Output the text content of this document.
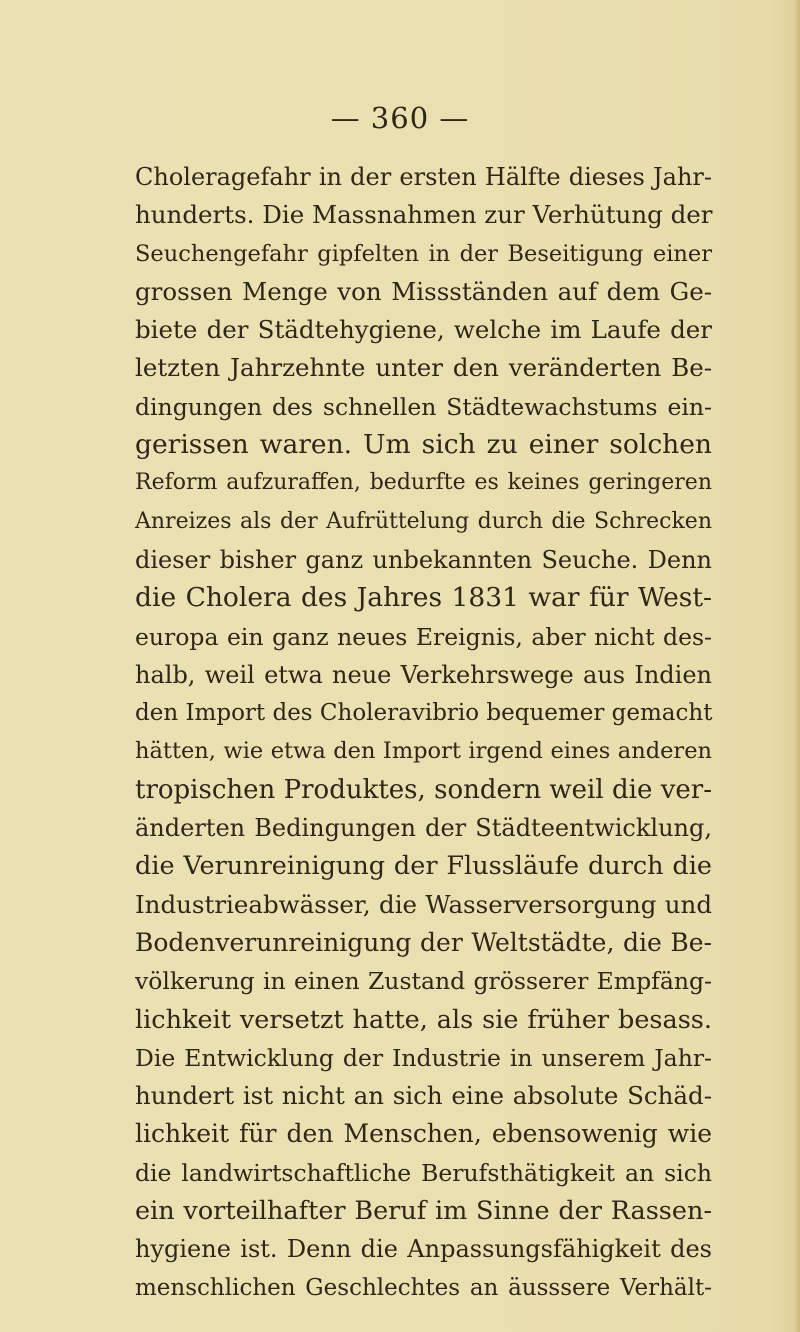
— 360 —
Choleragefahr in der ersten Hälfte dieses Jahr-
hunderts. Die Massnahmen zur Verhütung der
Seuchengefahr gipfelten in der Beseitigung einer
grossen Menge von Missständen auf dem Ge-
biete der Städtehygiene, welche im Laufe der
letzten Jahrzehnte unter den veränderten Be-
dingungen des schnellen Städtewachstums ein-
gerissen waren. Um sich zu einer solchen
Reform aufzuraffen, bedurfte es keines geringeren
Anreizes als der Aufrüttelung durch die Schrecken
dieser bisher ganz unbekannten Seuche. Denn
die Cholera des Jahres 1831 war für West-
europa ein ganz neues Ereignis, aber nicht des-
halb, weil etwa neue Verkehrswege aus Indien
den Import des Choleravibrio bequemer gemacht
hätten, wie etwa den Import irgend eines anderen
tropischen Produktes, sondern weil die ver-
änderten Bedingungen der Städteentwicklung,
die Verunreinigung der Flussläufe durch die
Industrieabwässer, die Wasserversorgung und
Bodenverunreinigung der Weltstädte, die Be-
völkerung in einen Zustand grösserer Empfäng-
lichkeit versetzt hatte, als sie früher besass.
Die Entwicklung der Industrie in unserem Jahr-
hundert ist nicht an sich eine absolute Schäd-
lichkeit für den Menschen, ebensowenig wie
die landwirtschaftliche Berufsthätigkeit an sich
ein vorteilhafter Beruf im Sinne der Rassen-
hygiene ist. Denn die Anpassungsfähigkeit des
menschlichen Geschlechtes an äusssere Verhält-
